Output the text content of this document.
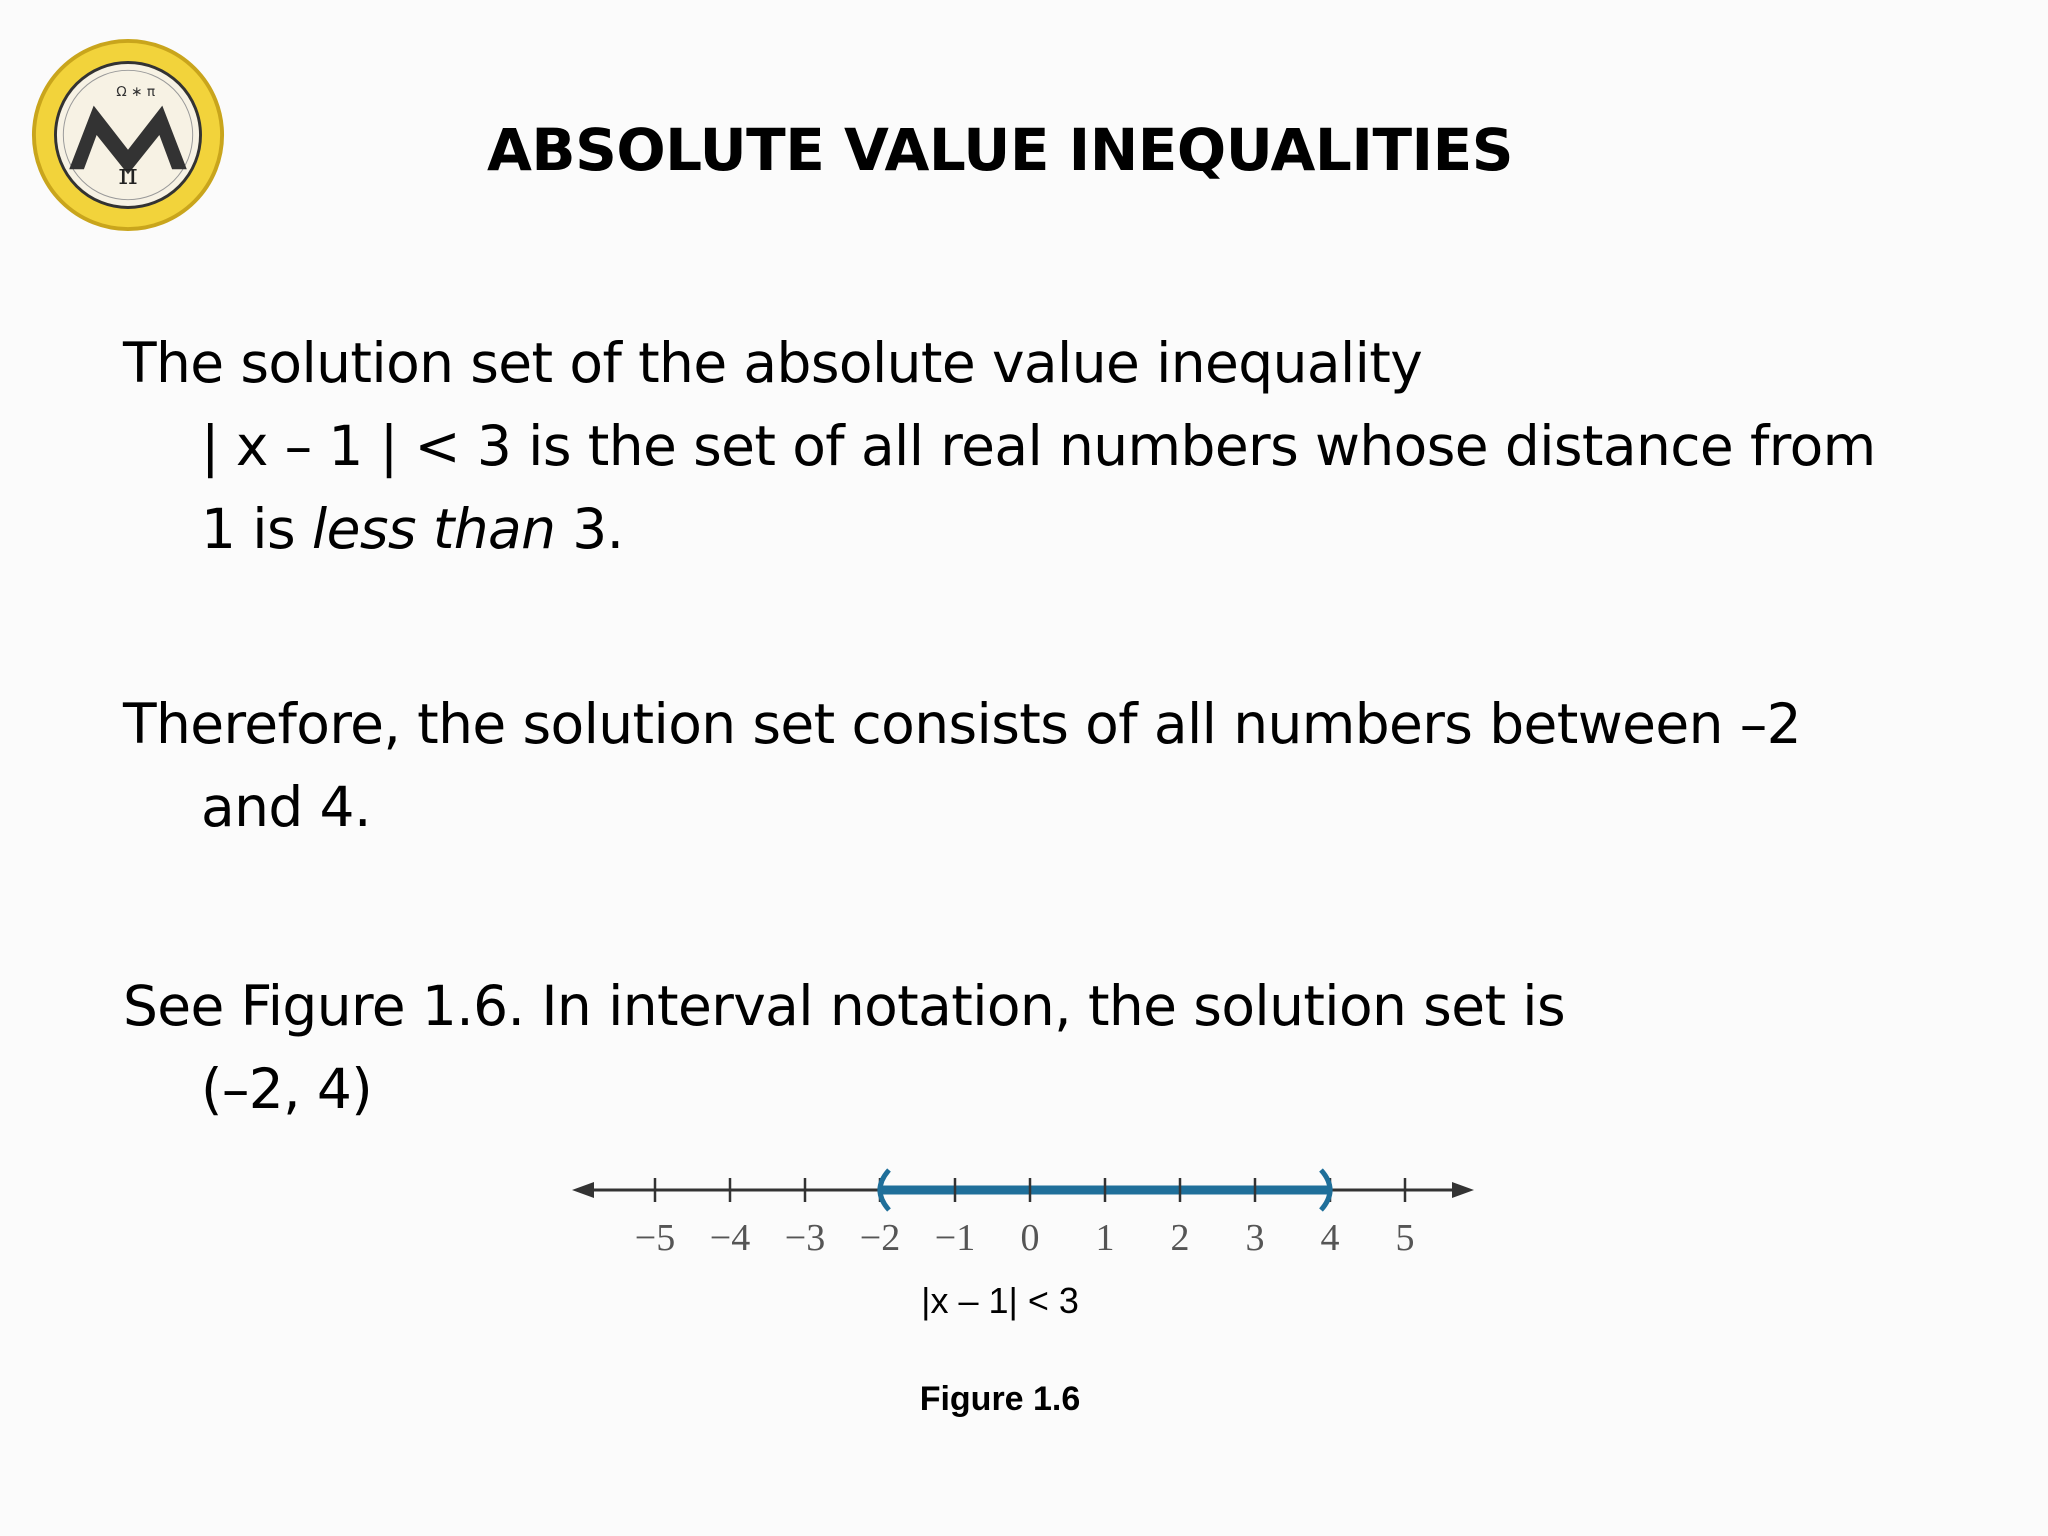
π
Ω ∗ π
ABSOLUTE VALUE INEQUALITIES

The solution set of the absolute value inequality
| x – 1 | < 3 is the set of all real numbers whose distance from
1 is less than 3.

Therefore, the solution set consists of all numbers between –2
and 4.

See Figure 1.6. In interval notation, the solution set is
(–2, 4)

−5 −4 −3 −2 −1 0 1 2 3 4 5

|x – 1| < 3

Figure 1.6
